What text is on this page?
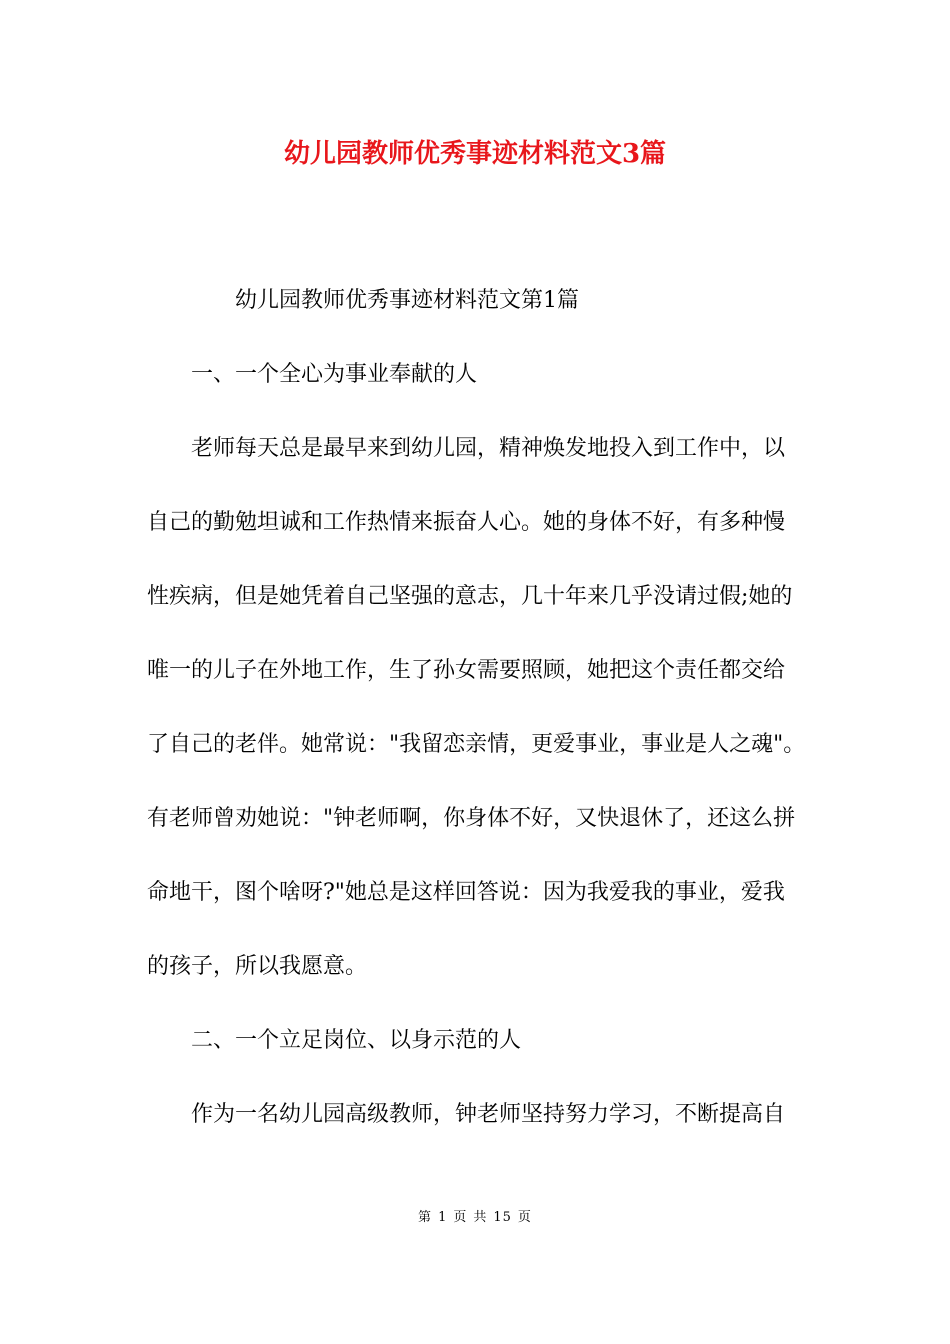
幼儿园教师优秀事迹材料范文3篇

幼儿园教师优秀事迹材料范文第1篇

一、一个全心为事业奉献的人

老师每天总是最早来到幼儿园，精神焕发地投入到工作中，以

自己的勤勉坦诚和工作热情来振奋人心。她的身体不好，有多种慢

性疾病，但是她凭着自己坚强的意志，几十年来几乎没请过假;她的

唯一的儿子在外地工作，生了孙女需要照顾，她把这个责任都交给

了自己的老伴。她常说："我留恋亲情，更爱事业，事业是人之魂"。

有老师曾劝她说："钟老师啊，你身体不好，又快退休了，还这么拼

命地干，图个啥呀?"她总是这样回答说：因为我爱我的事业，爱我

的孩子，所以我愿意。

二、一个立足岗位、以身示范的人

作为一名幼儿园高级教师，钟老师坚持努力学习，不断提高自

第 1 页 共 15 页
